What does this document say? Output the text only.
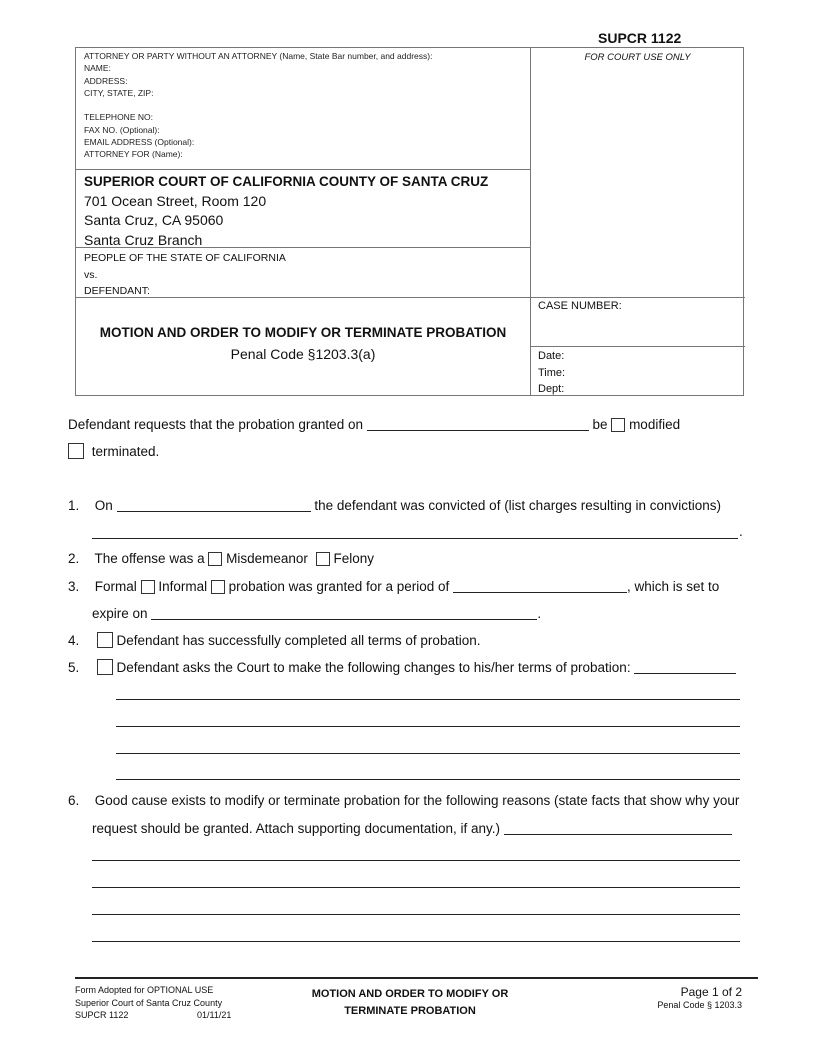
SUPCR 1122
ATTORNEY OR PARTY WITHOUT AN ATTORNEY (Name, State Bar number, and address):
NAME:
ADDRESS:
CITY, STATE, ZIP:
TELEPHONE NO:
FAX NO. (Optional):
EMAIL ADDRESS (Optional):
ATTORNEY FOR (Name):
FOR COURT USE ONLY
SUPERIOR COURT OF CALIFORNIA COUNTY OF SANTA CRUZ
701 Ocean Street, Room 120
Santa Cruz, CA 95060
Santa Cruz Branch
PEOPLE OF THE STATE OF CALIFORNIA
vs.
DEFENDANT:
CASE NUMBER:
MOTION AND ORDER TO MODIFY OR TERMINATE PROBATION
Penal Code §1203.3(a)	Date:
Time:
Dept:
Defendant requests that the probation granted on	be modified
terminated.
1. On	the defendant was convicted of (list charges resulting in convictions)
.
2. The offense was a Misdemeanor Felony
3. Formal Informal probation was granted for a period of	, which is set to
expire on	.
4.	Defendant has successfully completed all terms of probation.
5.	Defendant asks the Court to make the following changes to his/her terms of probation:
6. Good cause exists to modify or terminate probation for the following reasons (state facts that show why your
request should be granted. Attach supporting documentation, if any.)
Form Adopted for OPTIONAL USE
Superior Court of Santa Cruz County
SUPCR 1122	01/11/21
MOTION AND ORDER TO MODIFY OR
TERMINATE PROBATION
Page 1 of 2
Penal Code § 1203.3
